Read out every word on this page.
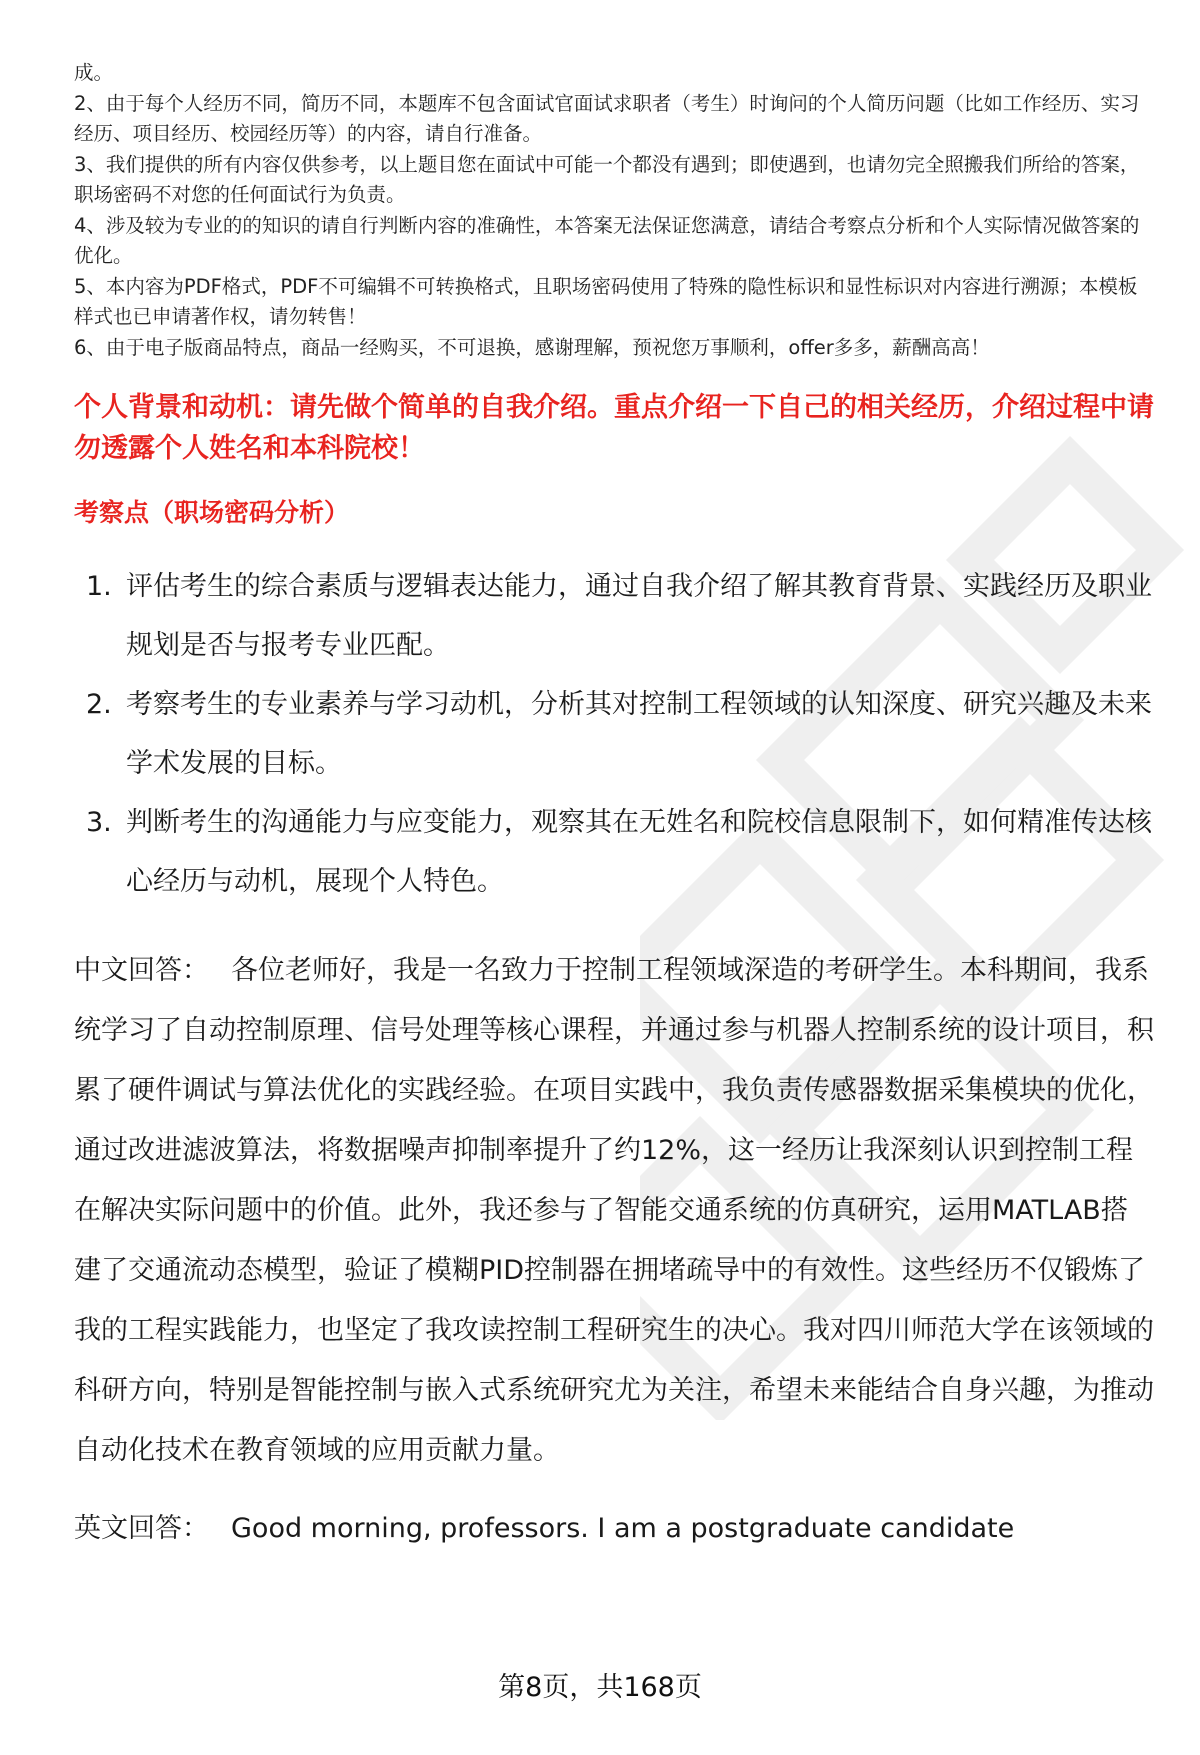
成。

2、由于每个人经历不同，简历不同，本题库不包含面试官面试求职者（考生）时询问的个人简历问题（比如工作经历、实习经历、项目经历、校园经历等）的内容，请自行准备。

3、我们提供的所有内容仅供参考，以上题目您在面试中可能一个都没有遇到；即使遇到，也请勿完全照搬我们所给的答案，职场密码不对您的任何面试行为负责。

4、涉及较为专业的的知识的请自行判断内容的准确性，本答案无法保证您满意，请结合考察点分析和个人实际情况做答案的优化。

5、本内容为PDF格式，PDF不可编辑不可转换格式，且职场密码使用了特殊的隐性标识和显性标识对内容进行溯源；本模板样式也已申请著作权，请勿转售！

6、由于电子版商品特点，商品一经购买，不可退换，感谢理解，预祝您万事顺利，offer多多，薪酬高高！

个人背景和动机：请先做个简单的自我介绍。重点介绍一下自己的相关经历，介绍过程中请勿透露个人姓名和本科院校！
考察点（职场密码分析）
1. 评估考生的综合素质与逻辑表达能力，通过自我介绍了解其教育背景、实践经历及职业规划是否与报考专业匹配。
2. 考察考生的专业素养与学习动机，分析其对控制工程领域的认知深度、研究兴趣及未来学术发展的目标。
3. 判断考生的沟通能力与应变能力，观察其在无姓名和院校信息限制下，如何精准传达核心经历与动机，展现个人特色。
中文回答： 各位老师好，我是一名致力于控制工程领域深造的考研学生。本科期间，我系统学习了自动控制原理、信号处理等核心课程，并通过参与机器人控制系统的设计项目，积累了硬件调试与算法优化的实践经验。在项目实践中，我负责传感器数据采集模块的优化，通过改进滤波算法，将数据噪声抑制率提升了约12%，这一经历让我深刻认识到控制工程在解决实际问题中的价值。此外，我还参与了智能交通系统的仿真研究，运用MATLAB搭建了交通流动态模型，验证了模糊PID控制器在拥堵疏导中的有效性。这些经历不仅锻炼了我的工程实践能力，也坚定了我攻读控制工程研究生的决心。我对四川师范大学在该领域的科研方向，特别是智能控制与嵌入式系统研究尤为关注，希望未来能结合自身兴趣，为推动自动化技术在教育领域的应用贡献力量。
英文回答： Good morning, professors. I am a postgraduate candidate
第8页，共168页
